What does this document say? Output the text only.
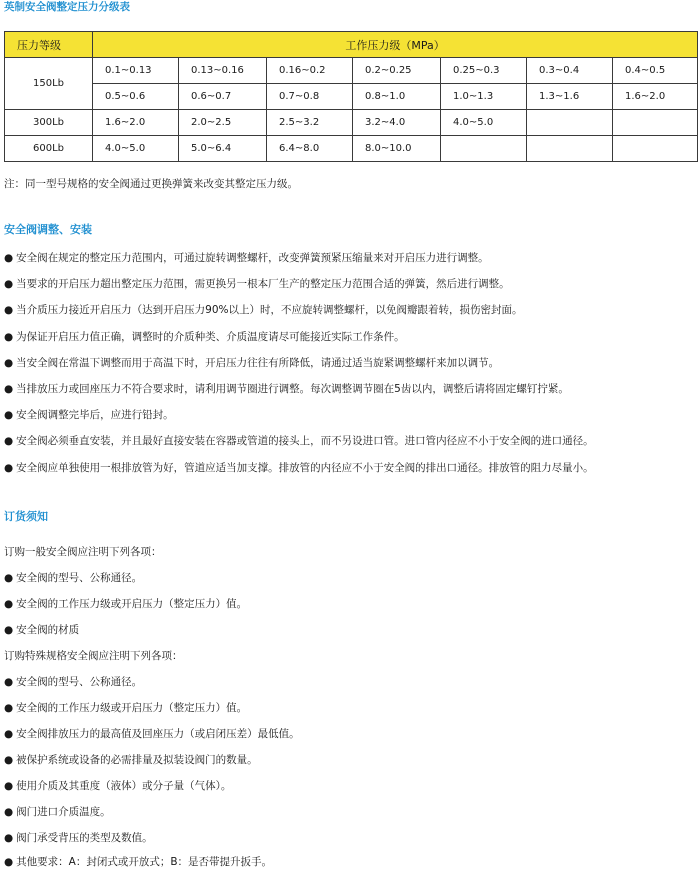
英制安全阀整定压力分级表
压力等级	工作压力级（MPa）						
150Lb	0.1~0.13	0.13~0.16	0.16~0.2	0.2~0.25	0.25~0.3	0.3~0.4	0.4~0.5
	0.5~0.6	0.6~0.7	0.7~0.8	0.8~1.0	1.0~1.3	1.3~1.6	1.6~2.0
300Lb	1.6~2.0	2.0~2.5	2.5~3.2	3.2~4.0	4.0~5.0		
600Lb	4.0~5.0	5.0~6.4	6.4~8.0	8.0~10.0			
注：同一型号规格的安全阀通过更换弹簧来改变其整定压力级。
安全阀调整、安装
● 安全阀在规定的整定压力范围内，可通过旋转调整螺杆，改变弹簧预紧压缩量来对开启压力进行调整。
● 当要求的开启压力超出整定压力范围，需更换另一根本厂生产的整定压力范围合适的弹簧，然后进行调整。
● 当介质压力接近开启压力（达到开启压力90%以上）时，不应旋转调整螺杆，以免阀瓣跟着转，损伤密封面。
● 为保证开启压力值正确，调整时的介质种类、介质温度请尽可能接近实际工作条件。
● 当安全阀在常温下调整而用于高温下时，开启压力往往有所降低，请通过适当旋紧调整螺杆来加以调节。
● 当排放压力或回座压力不符合要求时，请利用调节圈进行调整。每次调整调节圈在5齿以内，调整后请将固定螺钉拧紧。
● 安全阀调整完毕后，应进行铅封。
● 安全阀必须垂直安装，并且最好直接安装在容器或管道的接头上，而不另设进口管。进口管内径应不小于安全阀的进口通径。
● 安全阀应单独使用一根排放管为好，管道应适当加支撑。排放管的内径应不小于安全阀的排出口通径。排放管的阻力尽量小。
订货须知
订购一般安全阀应注明下列各项：
● 安全阀的型号、公称通径。
● 安全阀的工作压力级或开启压力（整定压力）值。
● 安全阀的材质
订购特殊规格安全阀应注明下列各项：
● 安全阀的型号、公称通径。
● 安全阀的工作压力级或开启压力（整定压力）值。
● 安全阀排放压力的最高值及回座压力（或启闭压差）最低值。
● 被保护系统或设备的必需排量及拟装设阀门的数量。
● 使用介质及其重度（液体）或分子量（气体）。
● 阀门进口介质温度。
● 阀门承受背压的类型及数值。
● 其他要求：A：封闭式或开放式；B：是否带提升扳手。
